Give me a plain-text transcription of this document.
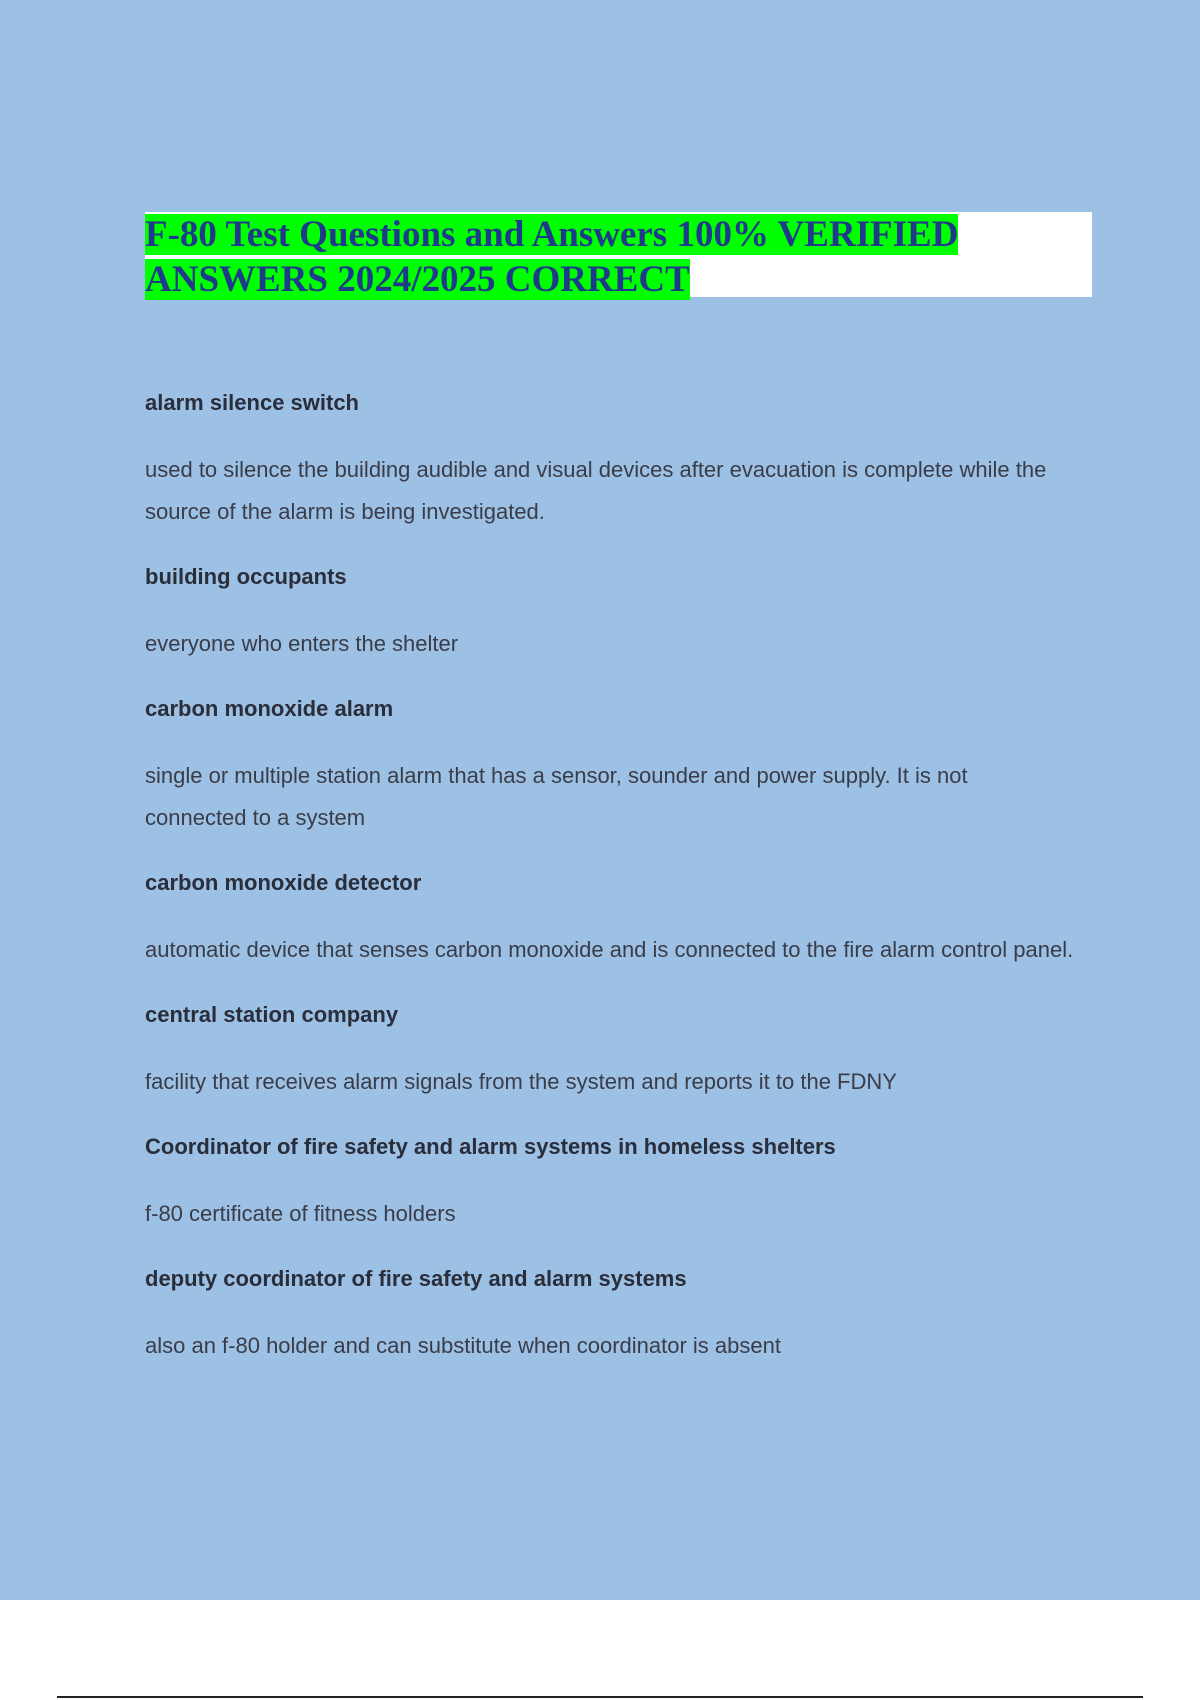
F-80 Test Questions and Answers 100% VERIFIED ANSWERS 2024/2025 CORRECT

alarm silence switch

used to silence the building audible and visual devices after evacuation is complete while the source of the alarm is being investigated.

building occupants

everyone who enters the shelter

carbon monoxide alarm

single or multiple station alarm that has a sensor, sounder and power supply. It is not connected to a system

carbon monoxide detector

automatic device that senses carbon monoxide and is connected to the fire alarm control panel.

central station company

facility that receives alarm signals from the system and reports it to the FDNY

Coordinator of fire safety and alarm systems in homeless shelters

f-80 certificate of fitness holders

deputy coordinator of fire safety and alarm systems

also an f-80 holder and can substitute when coordinator is absent
